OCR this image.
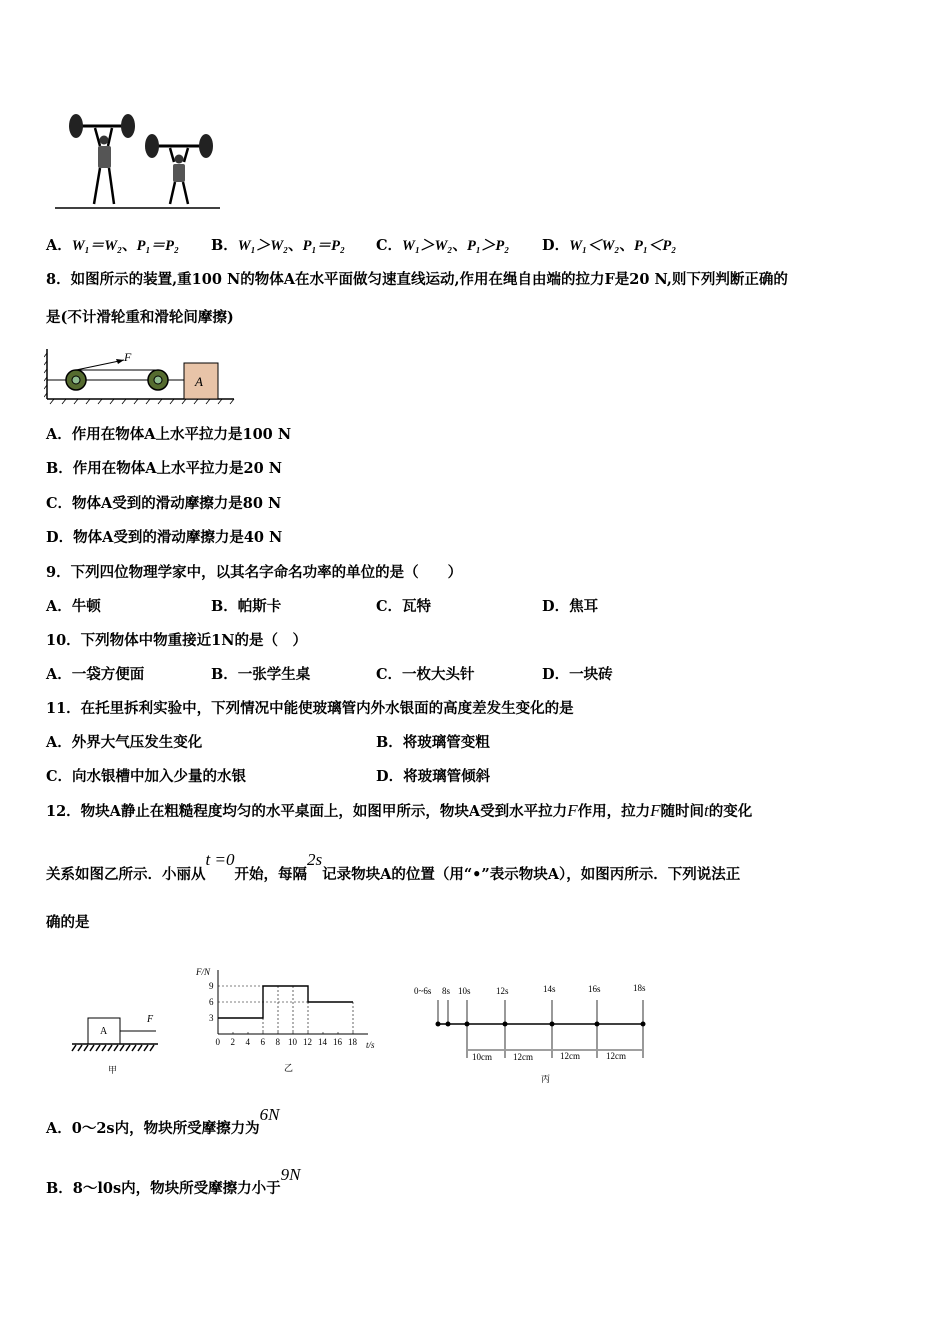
A．W₁＝W₂、P₁＝P₂ B．W₁＞W₂、P₁＝P₂ C．W₁＞W₂、P₁＞P₂ D．W₁＜W₂、P₁＜P₂
8．如图所示的装置,重100 N的物体A在水平面做匀速直线运动,作用在绳自由端的拉力F是20 N,则下列判断正确的
是(不计滑轮重和滑轮间摩擦)
F
A
A．作用在物体A上水平拉力是100 N
B．作用在物体A上水平拉力是20 N
C．物体A受到的滑动摩擦力是80 N
D．物体A受到的滑动摩擦力是40 N
9．下列四位物理学家中，以其名字命名功率的单位的是（　　）
A．牛顿	B．帕斯卡	C．瓦特	D．焦耳
10．下列物体中物重接近1N的是（　）
A．一袋方便面	B．一张学生桌	C．一枚大头针	D．一块砖
11．在托里拆利实验中，下列情况中能使玻璃管内外水银面的高度差发生变化的是
A．外界大气压发生变化	B．将玻璃管变粗
C．向水银槽中加入少量的水银	D．将玻璃管倾斜
12．物块A静止在粗糙程度均匀的水平桌面上，如图甲所示，物块A受到水平拉力F作用，拉力F随时间t的变化
关系如图乙所示．小丽从t =0开始，每隔2s记录物块A的位置（用“•”表示物块A），如图丙所示．下列说法正
确的是
A
F
甲
F/N
t/s
乙
0 2 4 6 8 10 12 14 16 18
9
6
3
0~6s 8s 10s	12s	14s	16s	18s
10cm 12cm	12cm	12cm
丙
A．0～2s内，物块所受摩擦力为6N
B．8～l0s内，物块所受摩擦力小于9N
